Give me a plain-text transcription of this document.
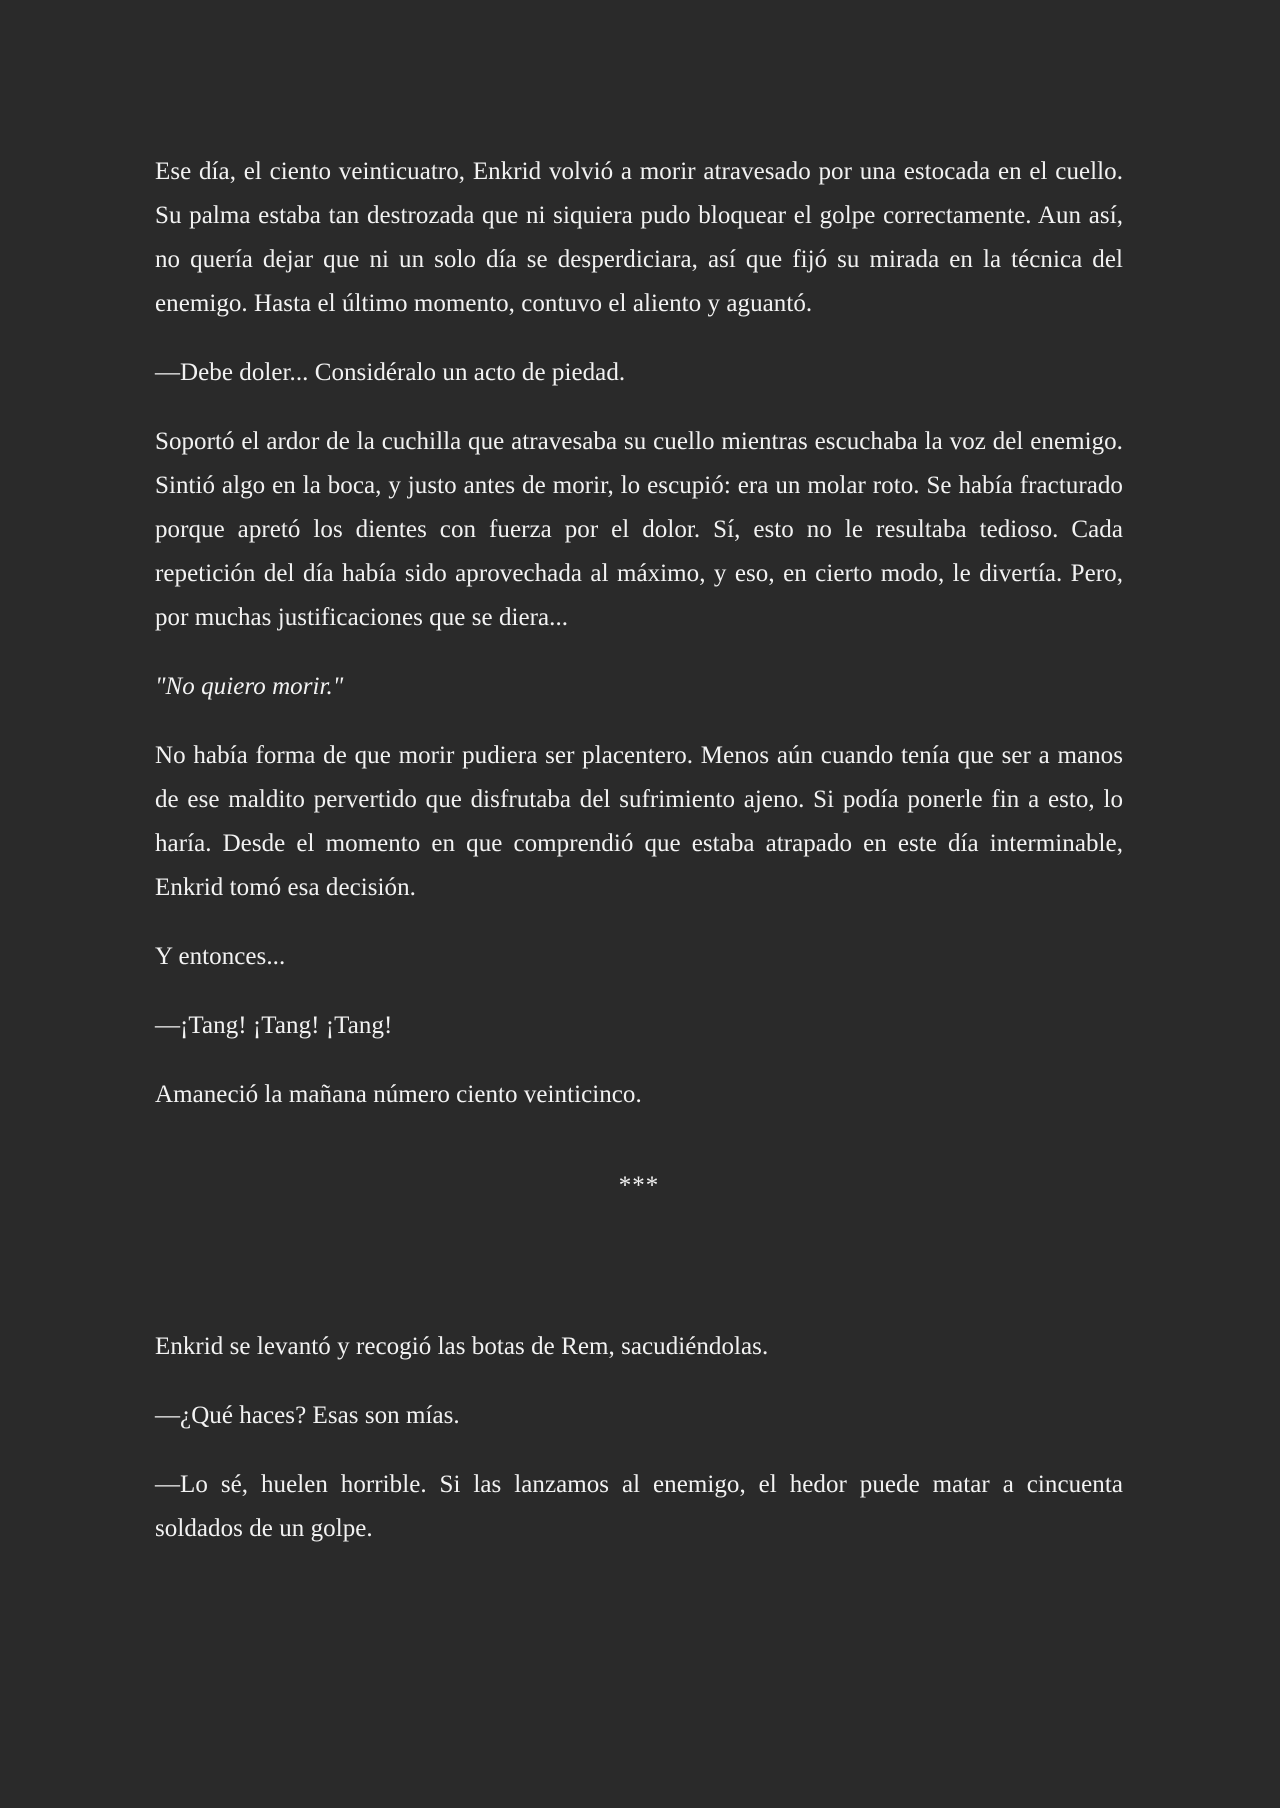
Ese día, el ciento veinticuatro, Enkrid volvió a morir atravesado por una estocada en el cuello. Su palma estaba tan destrozada que ni siquiera pudo bloquear el golpe correctamente. Aun así, no quería dejar que ni un solo día se desperdiciara, así que fijó su mirada en la técnica del enemigo. Hasta el último momento, contuvo el aliento y aguantó.

—Debe doler... Considéralo un acto de piedad.

Soportó el ardor de la cuchilla que atravesaba su cuello mientras escuchaba la voz del enemigo. Sintió algo en la boca, y justo antes de morir, lo escupió: era un molar roto. Se había fracturado porque apretó los dientes con fuerza por el dolor. Sí, esto no le resultaba tedioso. Cada repetición del día había sido aprovechada al máximo, y eso, en cierto modo, le divertía. Pero, por muchas justificaciones que se diera...

"No quiero morir."

No había forma de que morir pudiera ser placentero. Menos aún cuando tenía que ser a manos de ese maldito pervertido que disfrutaba del sufrimiento ajeno. Si podía ponerle fin a esto, lo haría. Desde el momento en que comprendió que estaba atrapado en este día interminable, Enkrid tomó esa decisión.

Y entonces...

—¡Tang! ¡Tang! ¡Tang!

Amaneció la mañana número ciento veinticinco.

***

Enkrid se levantó y recogió las botas de Rem, sacudiéndolas.

—¿Qué haces? Esas son mías.

—Lo sé, huelen horrible. Si las lanzamos al enemigo, el hedor puede matar a cincuenta soldados de un golpe.
